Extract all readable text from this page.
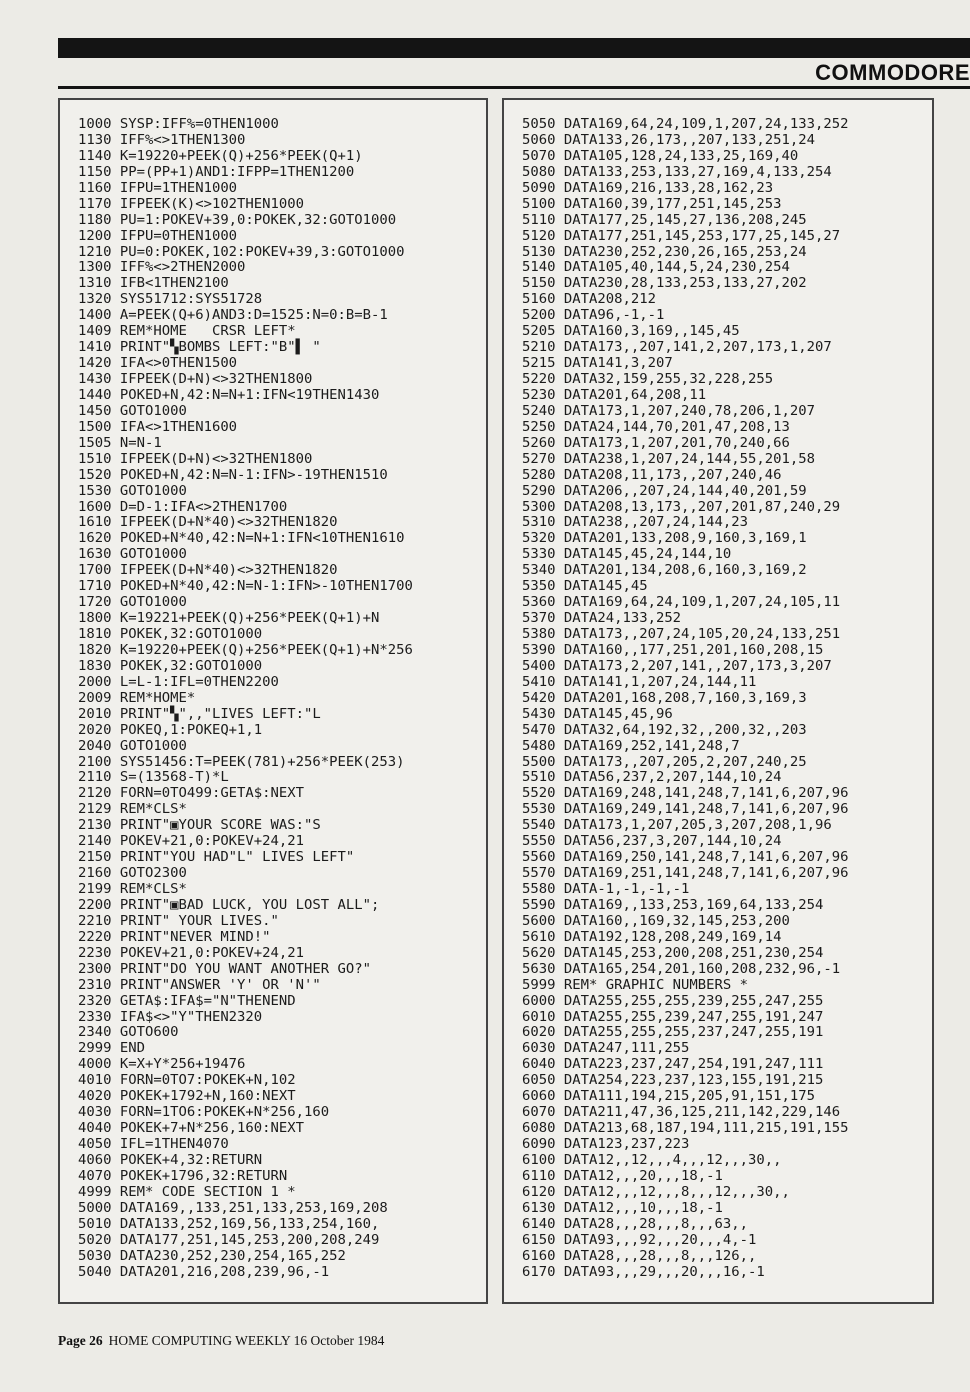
COMMODORE
1000 SYSP:IFF%=0THEN1000
1130 IFF%<>1THEN1300
1140 K=19220+PEEK(Q)+256*PEEK(Q+1)
1150 PP=(PP+1)AND1:IFPP=1THEN1200
1160 IFPU=1THEN1000
1170 IFPEEK(K)<>102THEN1000
1180 PU=1:POKEV+39,0:POKEK,32:GOTO1000
1200 IFPU=0THEN1000
1210 PU=0:POKEK,102:POKEV+39,3:GOTO1000
1300 IFF%<>2THEN2000
1310 IFB<1THEN2100
1320 SYS51712:SYS51728
1400 A=PEEK(Q+6)AND3:D=1525:N=0:B=B-1
1409 REM*HOME   CRSR LEFT*
1410 PRINT"▚BOMBS LEFT:"B"▌ "
1420 IFA<>0THEN1500
1430 IFPEEK(D+N)<>32THEN1800
1440 POKED+N,42:N=N+1:IFN<19THEN1430
1450 GOTO1000
1500 IFA<>1THEN1600
1505 N=N-1
1510 IFPEEK(D+N)<>32THEN1800
1520 POKED+N,42:N=N-1:IFN>-19THEN1510
1530 GOTO1000
1600 D=D-1:IFA<>2THEN1700
1610 IFPEEK(D+N*40)<>32THEN1820
1620 POKED+N*40,42:N=N+1:IFN<10THEN1610
1630 GOTO1000
1700 IFPEEK(D+N*40)<>32THEN1820
1710 POKED+N*40,42:N=N-1:IFN>-10THEN1700
1720 GOTO1000
1800 K=19221+PEEK(Q)+256*PEEK(Q+1)+N
1810 POKEK,32:GOTO1000
1820 K=19220+PEEK(Q)+256*PEEK(Q+1)+N*256
1830 POKEK,32:GOTO1000
2000 L=L-1:IFL=0THEN2200
2009 REM*HOME*
2010 PRINT"▚",,"LIVES LEFT:"L
2020 POKEQ,1:POKEQ+1,1
2040 GOTO1000
2100 SYS51456:T=PEEK(781)+256*PEEK(253)
2110 S=(13568-T)*L
2120 FORN=0TO499:GETA$:NEXT
2129 REM*CLS*
2130 PRINT"▣YOUR SCORE WAS:"S
2140 POKEV+21,0:POKEV+24,21
2150 PRINT"YOU HAD"L" LIVES LEFT"
2160 GOTO2300
2199 REM*CLS*
2200 PRINT"▣BAD LUCK, YOU LOST ALL";
2210 PRINT" YOUR LIVES."
2220 PRINT"NEVER MIND!"
2230 POKEV+21,0:POKEV+24,21
2300 PRINT"DO YOU WANT ANOTHER GO?"
2310 PRINT"ANSWER 'Y' OR 'N'"
2320 GETA$:IFA$="N"THENEND
2330 IFA$<>"Y"THEN2320
2340 GOTO600
2999 END
4000 K=X+Y*256+19476
4010 FORN=0TO7:POKEK+N,102
4020 POKEK+1792+N,160:NEXT
4030 FORN=1TO6:POKEK+N*256,160
4040 POKEK+7+N*256,160:NEXT
4050 IFL=1THEN4070
4060 POKEK+4,32:RETURN
4070 POKEK+1796,32:RETURN
4999 REM* CODE SECTION 1 *
5000 DATA169,,133,251,133,253,169,208
5010 DATA133,252,169,56,133,254,160,
5020 DATA177,251,145,253,200,208,249
5030 DATA230,252,230,254,165,252
5040 DATA201,216,208,239,96,-1
5050 DATA169,64,24,109,1,207,24,133,252
5060 DATA133,26,173,,207,133,251,24
5070 DATA105,128,24,133,25,169,40
5080 DATA133,253,133,27,169,4,133,254
5090 DATA169,216,133,28,162,23
5100 DATA160,39,177,251,145,253
5110 DATA177,25,145,27,136,208,245
5120 DATA177,251,145,253,177,25,145,27
5130 DATA230,252,230,26,165,253,24
5140 DATA105,40,144,5,24,230,254
5150 DATA230,28,133,253,133,27,202
5160 DATA208,212
5200 DATA96,-1,-1
5205 DATA160,3,169,,145,45
5210 DATA173,,207,141,2,207,173,1,207
5215 DATA141,3,207
5220 DATA32,159,255,32,228,255
5230 DATA201,64,208,11
5240 DATA173,1,207,240,78,206,1,207
5250 DATA24,144,70,201,47,208,13
5260 DATA173,1,207,201,70,240,66
5270 DATA238,1,207,24,144,55,201,58
5280 DATA208,11,173,,207,240,46
5290 DATA206,,207,24,144,40,201,59
5300 DATA208,13,173,,207,201,87,240,29
5310 DATA238,,207,24,144,23
5320 DATA201,133,208,9,160,3,169,1
5330 DATA145,45,24,144,10
5340 DATA201,134,208,6,160,3,169,2
5350 DATA145,45
5360 DATA169,64,24,109,1,207,24,105,11
5370 DATA24,133,252
5380 DATA173,,207,24,105,20,24,133,251
5390 DATA160,,177,251,201,160,208,15
5400 DATA173,2,207,141,,207,173,3,207
5410 DATA141,1,207,24,144,11
5420 DATA201,168,208,7,160,3,169,3
5430 DATA145,45,96
5470 DATA32,64,192,32,,200,32,,203
5480 DATA169,252,141,248,7
5500 DATA173,,207,205,2,207,240,25
5510 DATA56,237,2,207,144,10,24
5520 DATA169,248,141,248,7,141,6,207,96
5530 DATA169,249,141,248,7,141,6,207,96
5540 DATA173,1,207,205,3,207,208,1,96
5550 DATA56,237,3,207,144,10,24
5560 DATA169,250,141,248,7,141,6,207,96
5570 DATA169,251,141,248,7,141,6,207,96
5580 DATA-1,-1,-1,-1
5590 DATA169,,133,253,169,64,133,254
5600 DATA160,,169,32,145,253,200
5610 DATA192,128,208,249,169,14
5620 DATA145,253,200,208,251,230,254
5630 DATA165,254,201,160,208,232,96,-1
5999 REM* GRAPHIC NUMBERS *
6000 DATA255,255,255,239,255,247,255
6010 DATA255,255,239,247,255,191,247
6020 DATA255,255,255,237,247,255,191
6030 DATA247,111,255
6040 DATA223,237,247,254,191,247,111
6050 DATA254,223,237,123,155,191,215
6060 DATA111,194,215,205,91,151,175
6070 DATA211,47,36,125,211,142,229,146
6080 DATA213,68,187,194,111,215,191,155
6090 DATA123,237,223
6100 DATA12,,12,,,4,,,12,,,30,,
6110 DATA12,,,20,,,18,-1
6120 DATA12,,,12,,,8,,,12,,,30,,
6130 DATA12,,,10,,,18,-1
6140 DATA28,,,28,,,8,,,63,,
6150 DATA93,,,92,,,20,,,4,-1
6160 DATA28,,,28,,,8,,,126,,
6170 DATA93,,,29,,,20,,,16,-1
Page 26 HOME COMPUTING WEEKLY 16 October 1984
